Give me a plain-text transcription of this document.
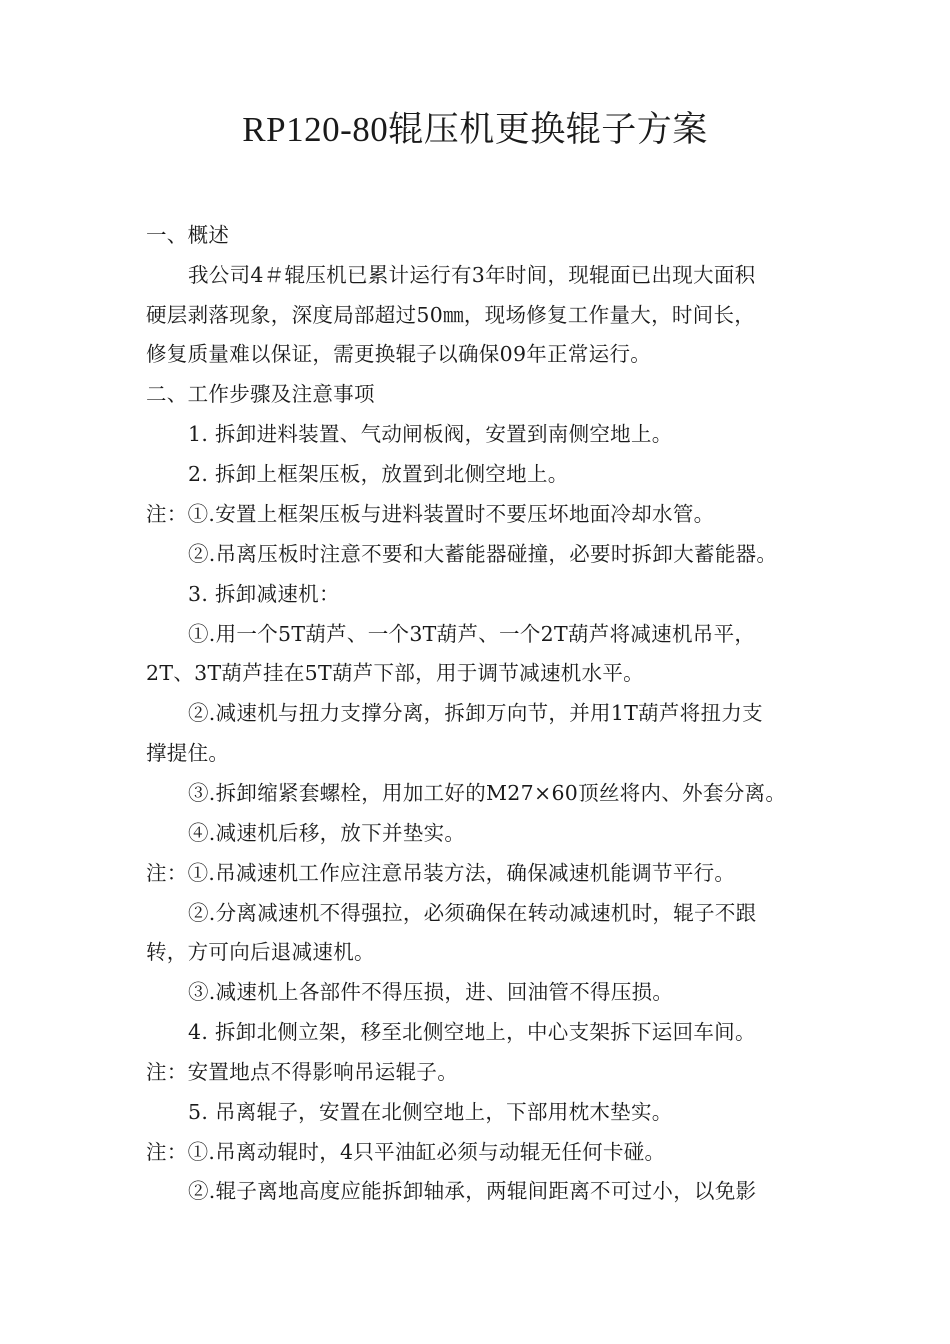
RP120-80辊压机更换辊子方案
一、概述
我公司4＃辊压机已累计运行有3年时间，现辊面已出现大面积
硬层剥落现象，深度局部超过50㎜，现场修复工作量大，时间长，
修复质量难以保证，需更换辊子以确保09年正常运行。
二、工作步骤及注意事项
1. 拆卸进料装置、气动闸板阀，安置到南侧空地上。
2. 拆卸上框架压板，放置到北侧空地上。
注：①.安置上框架压板与进料装置时不要压坏地面冷却水管。
②.吊离压板时注意不要和大蓄能器碰撞，必要时拆卸大蓄能器。
3. 拆卸减速机：
①.用一个5T葫芦、一个3T葫芦、一个2T葫芦将减速机吊平，
2T、3T葫芦挂在5T葫芦下部，用于调节减速机水平。
②.减速机与扭力支撑分离，拆卸万向节，并用1T葫芦将扭力支
撑提住。
③.拆卸缩紧套螺栓，用加工好的M27×60顶丝将内、外套分离。
④.减速机后移，放下并垫实。
注：①.吊减速机工作应注意吊装方法，确保减速机能调节平行。
②.分离减速机不得强拉，必须确保在转动减速机时，辊子不跟
转，方可向后退减速机。
③.减速机上各部件不得压损，进、回油管不得压损。
4. 拆卸北侧立架，移至北侧空地上，中心支架拆下运回车间。
注：安置地点不得影响吊运辊子。
5. 吊离辊子，安置在北侧空地上，下部用枕木垫实。
注：①.吊离动辊时，4只平油缸必须与动辊无任何卡碰。
②.辊子离地高度应能拆卸轴承，两辊间距离不可过小，以免影
